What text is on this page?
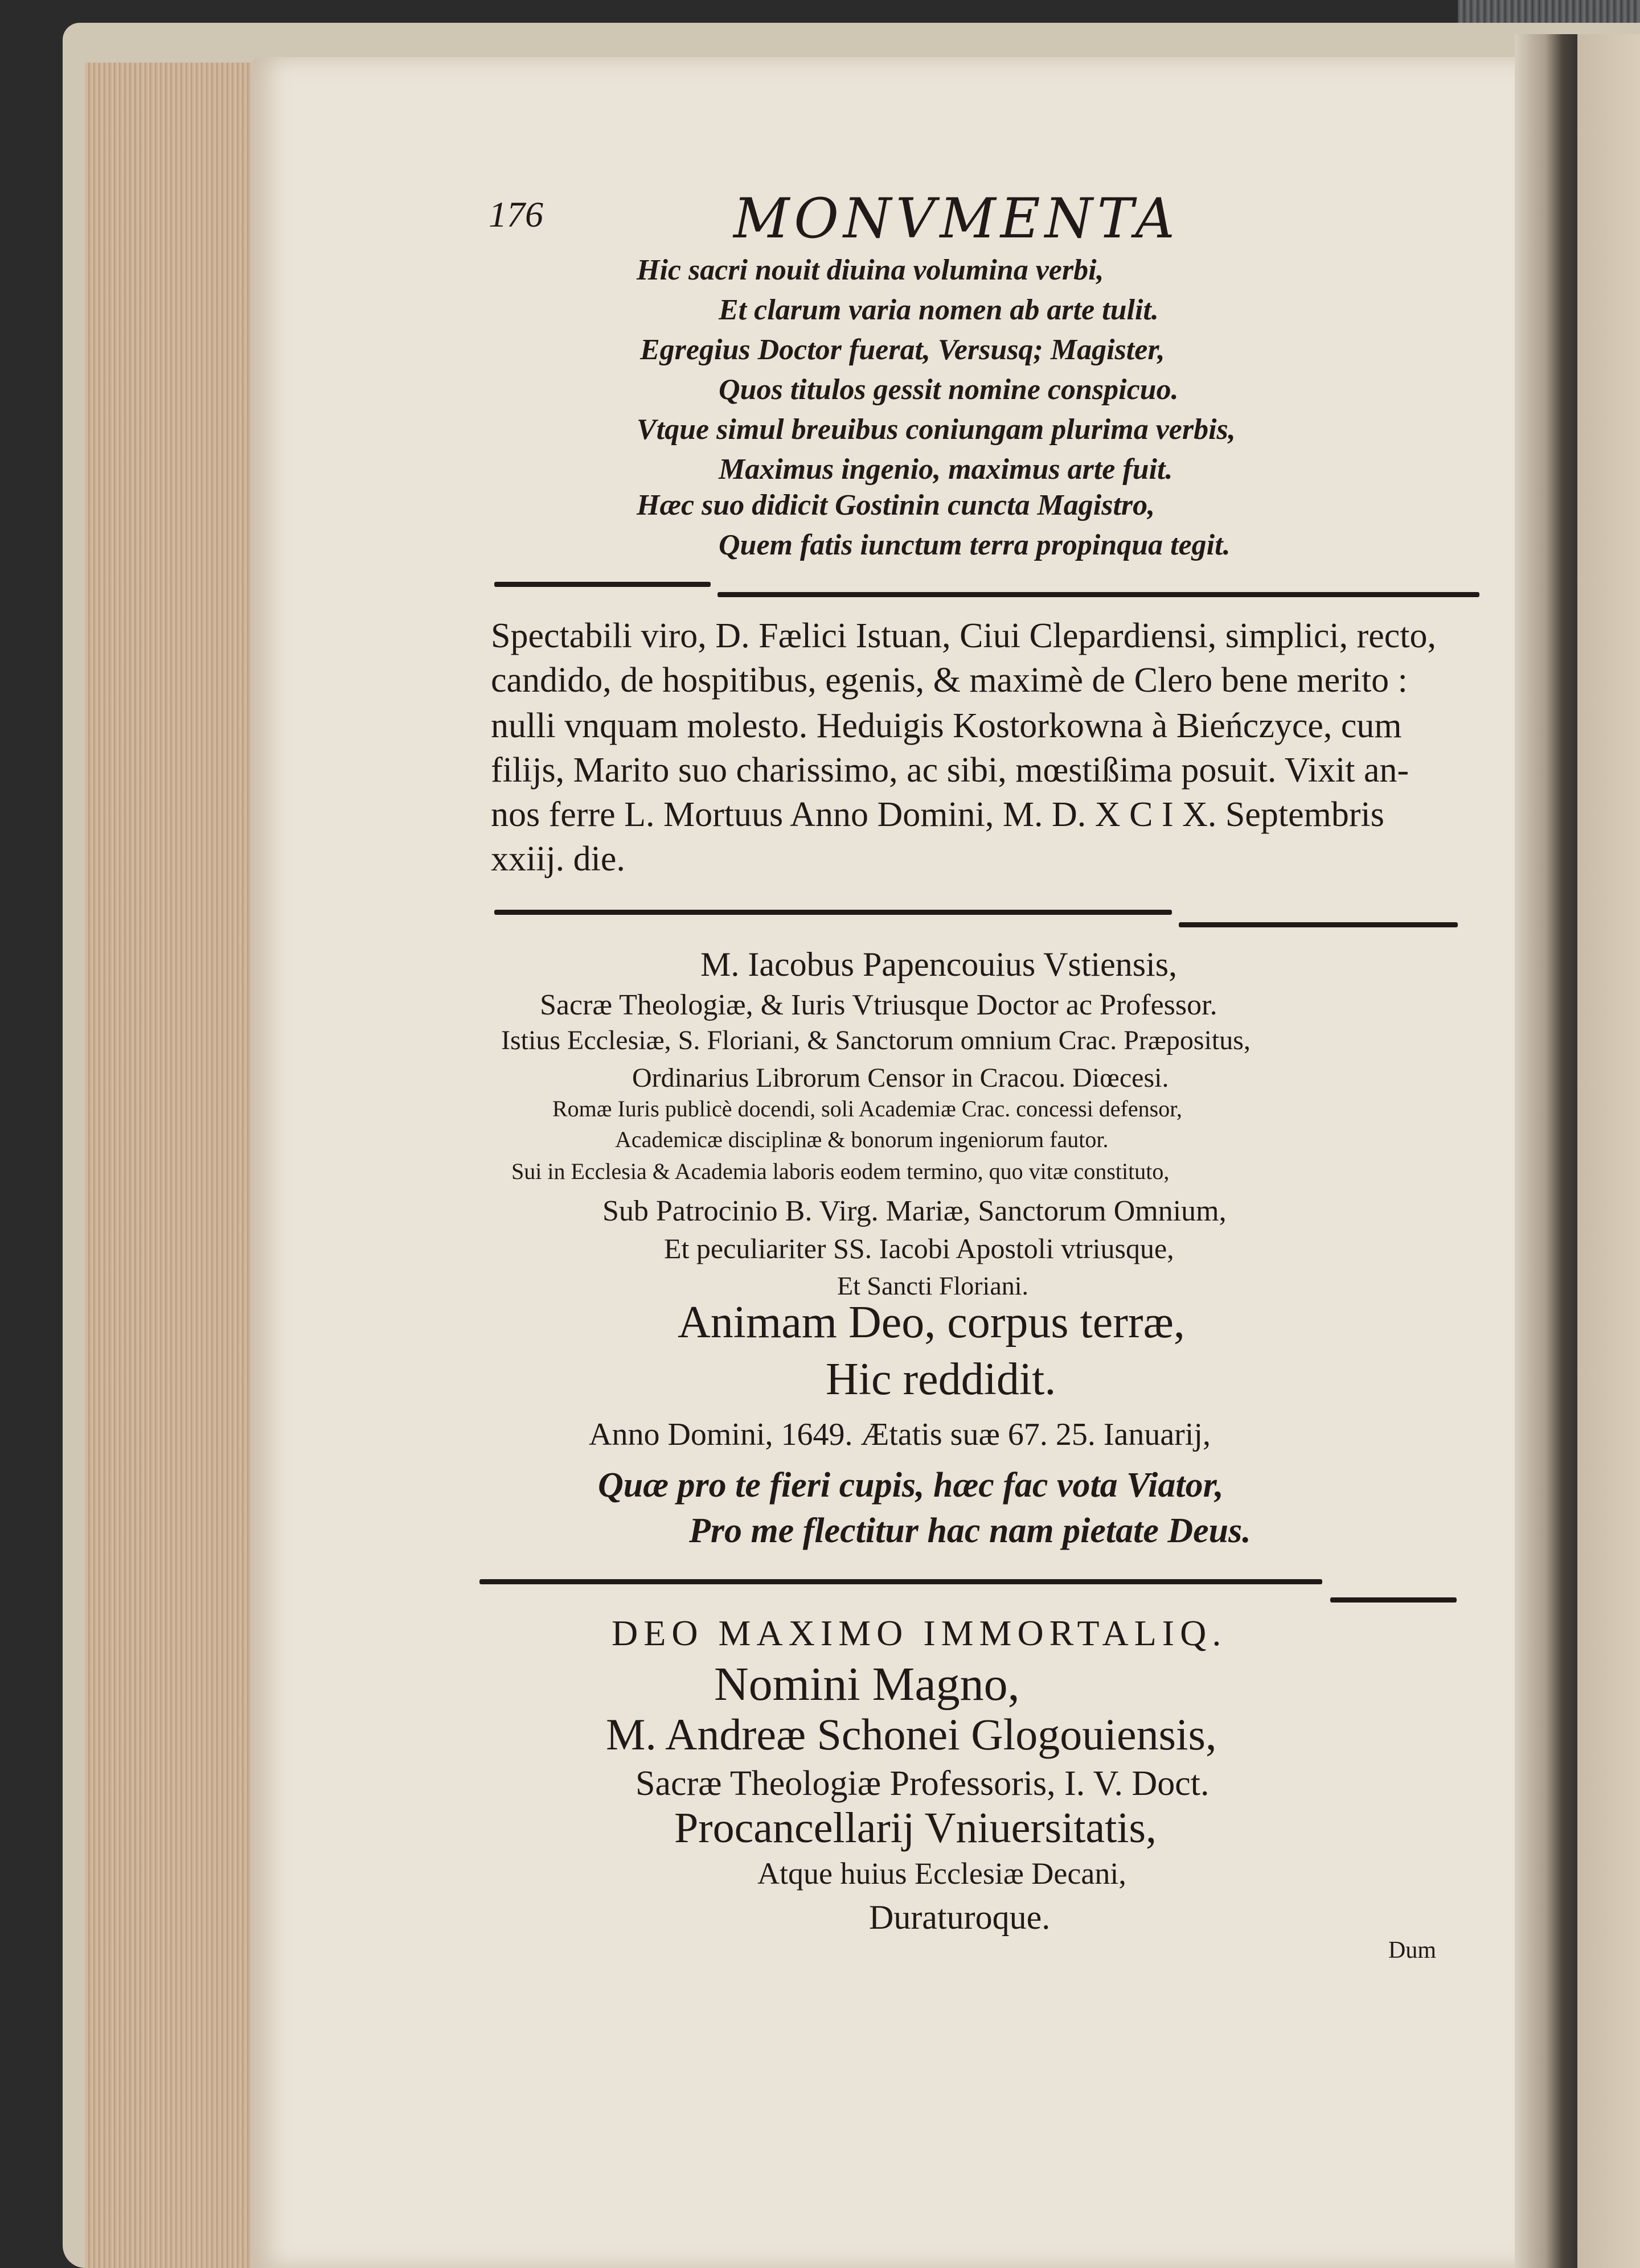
176	MONVMENTA

Hic sacri nouit diuina volumina verbi,

Et clarum varia nomen ab arte tulit.

Egregius Doctor fuerat, Versusq; Magister,

Quos titulos gessit nomine conspicuo.

Vtque simul breuibus coniungam plurima verbis,

Maximus ingenio, maximus arte fuit.

Hæc suo didicit Gostinin cuncta Magistro,

Quem fatis iunctum terra propinqua tegit.

Spectabili viro, D. Fælici Istuan, Ciui Clepardiensi, simplici, recto,

candido, de hospitibus, egenis, & maximè de Clero bene merito :

nulli vnquam molesto. Heduigis Kostorkowna à Bieńczyce, cum

filijs, Marito suo charissimo, ac sibi, mœstißima posuit. Vixit an-

nos ferre L. Mortuus Anno Domini, M. D. X C I X. Septembris

xxiij. die.

M. Iacobus Papencouius Vstiensis,

Sacræ Theologiæ, & Iuris Vtriusque Doctor ac Professor.

Istius Ecclesiæ, S. Floriani, & Sanctorum omnium Crac. Præpositus,

Ordinarius Librorum Censor in Cracou. Diœcesi.

Romæ Iuris publicè docendi, soli Academiæ Crac. concessi defensor,

Academicæ disciplinæ & bonorum ingeniorum fautor.

Sui in Ecclesia & Academia laboris eodem termino, quo vitæ constituto,

Sub Patrocinio B. Virg. Mariæ, Sanctorum Omnium,

Et peculiariter SS. Iacobi Apostoli vtriusque,

Et Sancti Floriani.

Animam Deo, corpus terræ,

Hic reddidit.

Anno Domini, 1649. Ætatis suæ 67. 25. Ianuarij,

Quæ pro te fieri cupis, hæc fac vota Viator,

Pro me flectitur hac nam pietate Deus.

DEO MAXIMO IMMORTALIQ.

Nomini Magno,

M. Andreæ Schonei Glogouiensis,

Sacræ Theologiæ Professoris, I. V. Doct.

Procancellarij Vniuersitatis,

Atque huius Ecclesiæ Decani,

Duraturoque.

Dum
